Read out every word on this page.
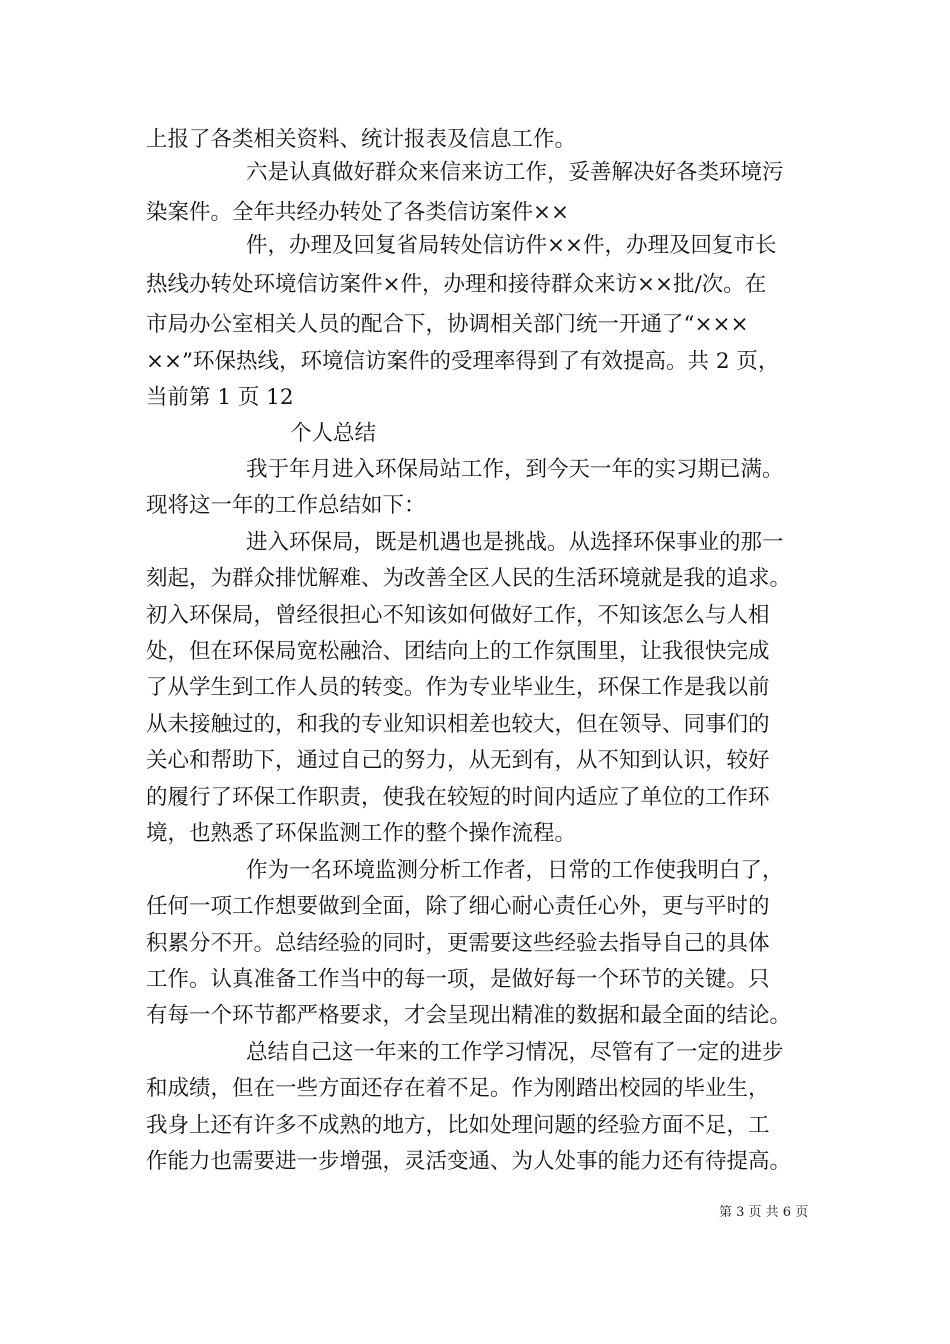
上报了各类相关资料、统计报表及信息工作。
六是认真做好群众来信来访工作，妥善解决好各类环境污
染案件。全年共经办转处了各类信访案件××
件，办理及回复省局转处信访件××件，办理及回复市长
热线办转处环境信访案件×件，办理和接待群众来访××批/次。在
市局办公室相关人员的配合下，协调相关部门统一开通了“×××
××”环保热线，环境信访案件的受理率得到了有效提高。共 2 页，
当前第 1 页 12
个人总结
我于年月进入环保局站工作，到今天一年的实习期已满。
现将这一年的工作总结如下：
进入环保局，既是机遇也是挑战。从选择环保事业的那一
刻起，为群众排忧解难、为改善全区人民的生活环境就是我的追求。
初入环保局，曾经很担心不知该如何做好工作，不知该怎么与人相
处，但在环保局宽松融洽、团结向上的工作氛围里，让我很快完成
了从学生到工作人员的转变。作为专业毕业生，环保工作是我以前
从未接触过的，和我的专业知识相差也较大，但在领导、同事们的
关心和帮助下，通过自己的努力，从无到有，从不知到认识，较好
的履行了环保工作职责，使我在较短的时间内适应了单位的工作环
境，也熟悉了环保监测工作的整个操作流程。
作为一名环境监测分析工作者，日常的工作使我明白了，
任何一项工作想要做到全面，除了细心耐心责任心外，更与平时的
积累分不开。总结经验的同时，更需要这些经验去指导自己的具体
工作。认真准备工作当中的每一项，是做好每一个环节的关键。只
有每一个环节都严格要求，才会呈现出精准的数据和最全面的结论。
总结自己这一年来的工作学习情况，尽管有了一定的进步
和成绩，但在一些方面还存在着不足。作为刚踏出校园的毕业生，
我身上还有许多不成熟的地方，比如处理问题的经验方面不足，工
作能力也需要进一步增强，灵活变通、为人处事的能力还有待提高。
第 3 页 共 6 页
